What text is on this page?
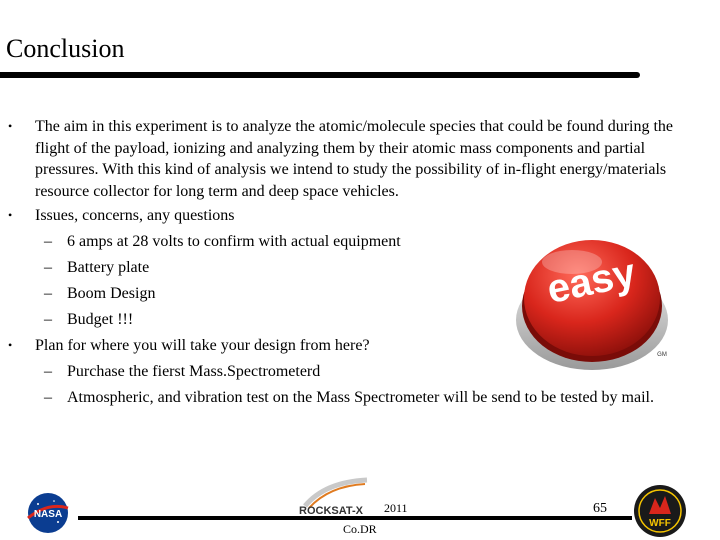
Conclusion

• The aim in this experiment is to analyze the atomic/molecule species that could be found during the flight of the payload, ionizing and analyzing them by their atomic mass components and partial pressures. With this kind of analysis we intend to study the possibility of in-flight energy/materials resource collector for long term and deep space vehicles.

• Issues, concerns, any questions

– 6 amps at 28 volts to confirm with actual equipment

– Battery plate

– Boom Design

– Budget !!!

• Plan for where you will take your design from here?

– Purchase the fierst Mass.Spectrometerd

– Atmospheric, and vibration test on the Mass Spectrometer will be send to be tested by mail.

easy
GM
NASA	ROCKSAT-X 2011	65
Co.DR	WFF
